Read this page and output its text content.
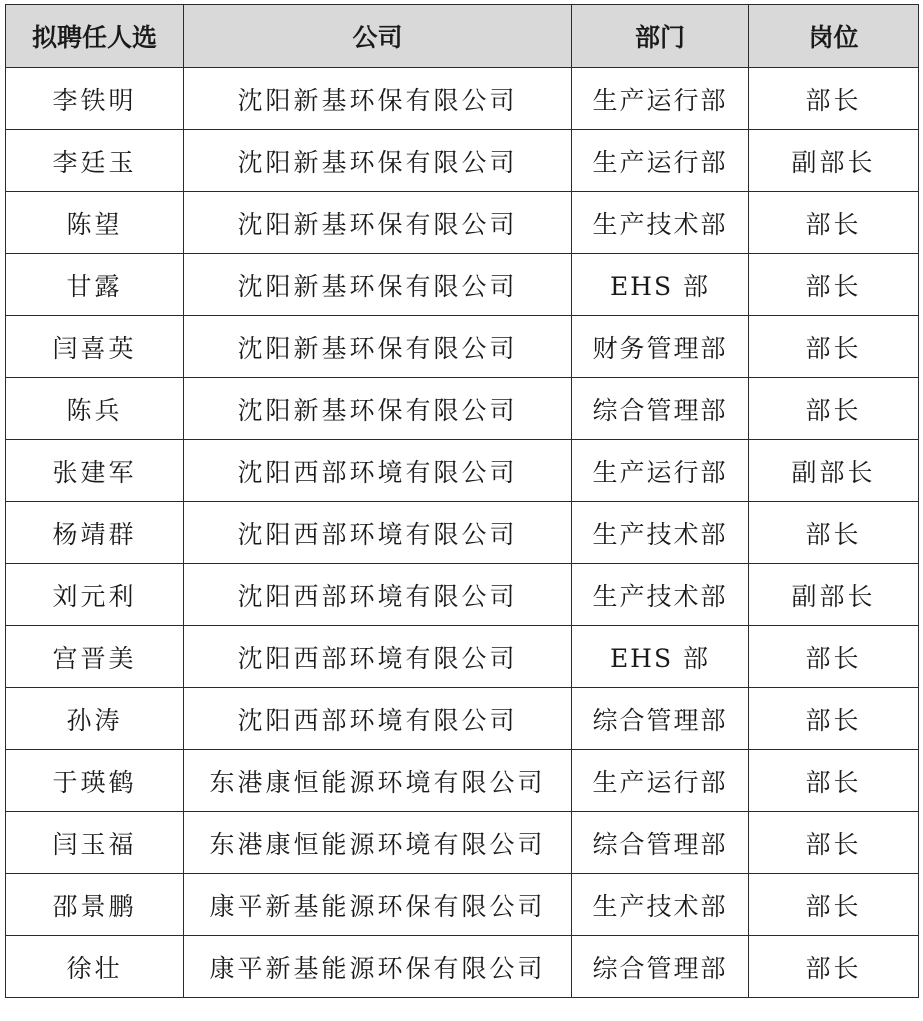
拟聘任人选	公司	部门	岗位
李铁明	沈阳新基环保有限公司	生产运行部	部长
李廷玉	沈阳新基环保有限公司	生产运行部	副部长
陈望	沈阳新基环保有限公司	生产技术部	部长
甘露	沈阳新基环保有限公司	EHS 部	部长
闫喜英	沈阳新基环保有限公司	财务管理部	部长
陈兵	沈阳新基环保有限公司	综合管理部	部长
张建军	沈阳西部环境有限公司	生产运行部	副部长
杨靖群	沈阳西部环境有限公司	生产技术部	部长
刘元利	沈阳西部环境有限公司	生产技术部	副部长
宫晋美	沈阳西部环境有限公司	EHS 部	部长
孙涛	沈阳西部环境有限公司	综合管理部	部长
于瑛鹤	东港康恒能源环境有限公司	生产运行部	部长
闫玉福	东港康恒能源环境有限公司	综合管理部	部长
邵景鹏	康平新基能源环保有限公司	生产技术部	部长
徐壮	康平新基能源环保有限公司	综合管理部	部长
